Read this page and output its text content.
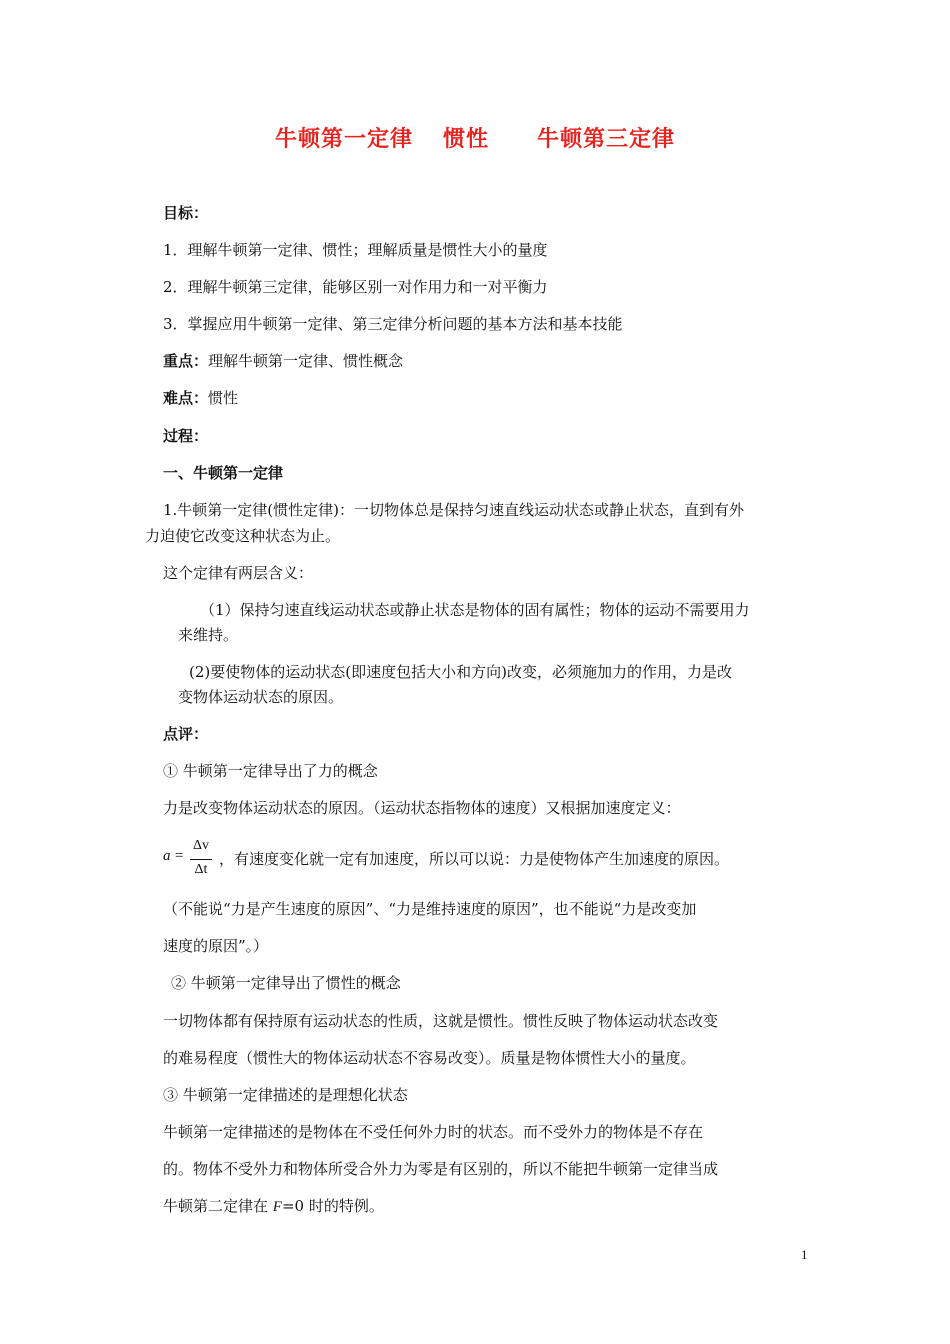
牛顿第一定律 惯性 牛顿第三定律
目标：
1．理解牛顿第一定律、惯性；理解质量是惯性大小的量度
2．理解牛顿第三定律，能够区别一对作用力和一对平衡力
3．掌握应用牛顿第一定律、第三定律分析问题的基本方法和基本技能
重点：理解牛顿第一定律、惯性概念
难点：惯性
过程：
一、牛顿第一定律
1.牛顿第一定律(惯性定律)：一切物体总是保持匀速直线运动状态或静止状态，直到有外
力迫使它改变这种状态为止。
这个定律有两层含义：
（1）保持匀速直线运动状态或静止状态是物体的固有属性；物体的运动不需要用力
来维持。
(2)要使物体的运动状态(即速度包括大小和方向)改变，必须施加力的作用，力是改
变物体运动状态的原因。
点评：
① 牛顿第一定律导出了力的概念
力是改变物体运动状态的原因。（运动状态指物体的速度）又根据加速度定义：
a =
Δv
Δt
，有速度变化就一定有加速度，所以可以说：力是使物体产生加速度的原因。
（不能说“力是产生速度的原因”、“力是维持速度的原因”，也不能说“力是改变加
速度的原因”。）
② 牛顿第一定律导出了惯性的概念
一切物体都有保持原有运动状态的性质，这就是惯性。惯性反映了物体运动状态改变
的难易程度（惯性大的物体运动状态不容易改变）。质量是物体惯性大小的量度。
③ 牛顿第一定律描述的是理想化状态
牛顿第一定律描述的是物体在不受任何外力时的状态。而不受外力的物体是不存在
的。物体不受外力和物体所受合外力为零是有区别的，所以不能把牛顿第一定律当成
牛顿第二定律在 F=0 时的特例。
1
